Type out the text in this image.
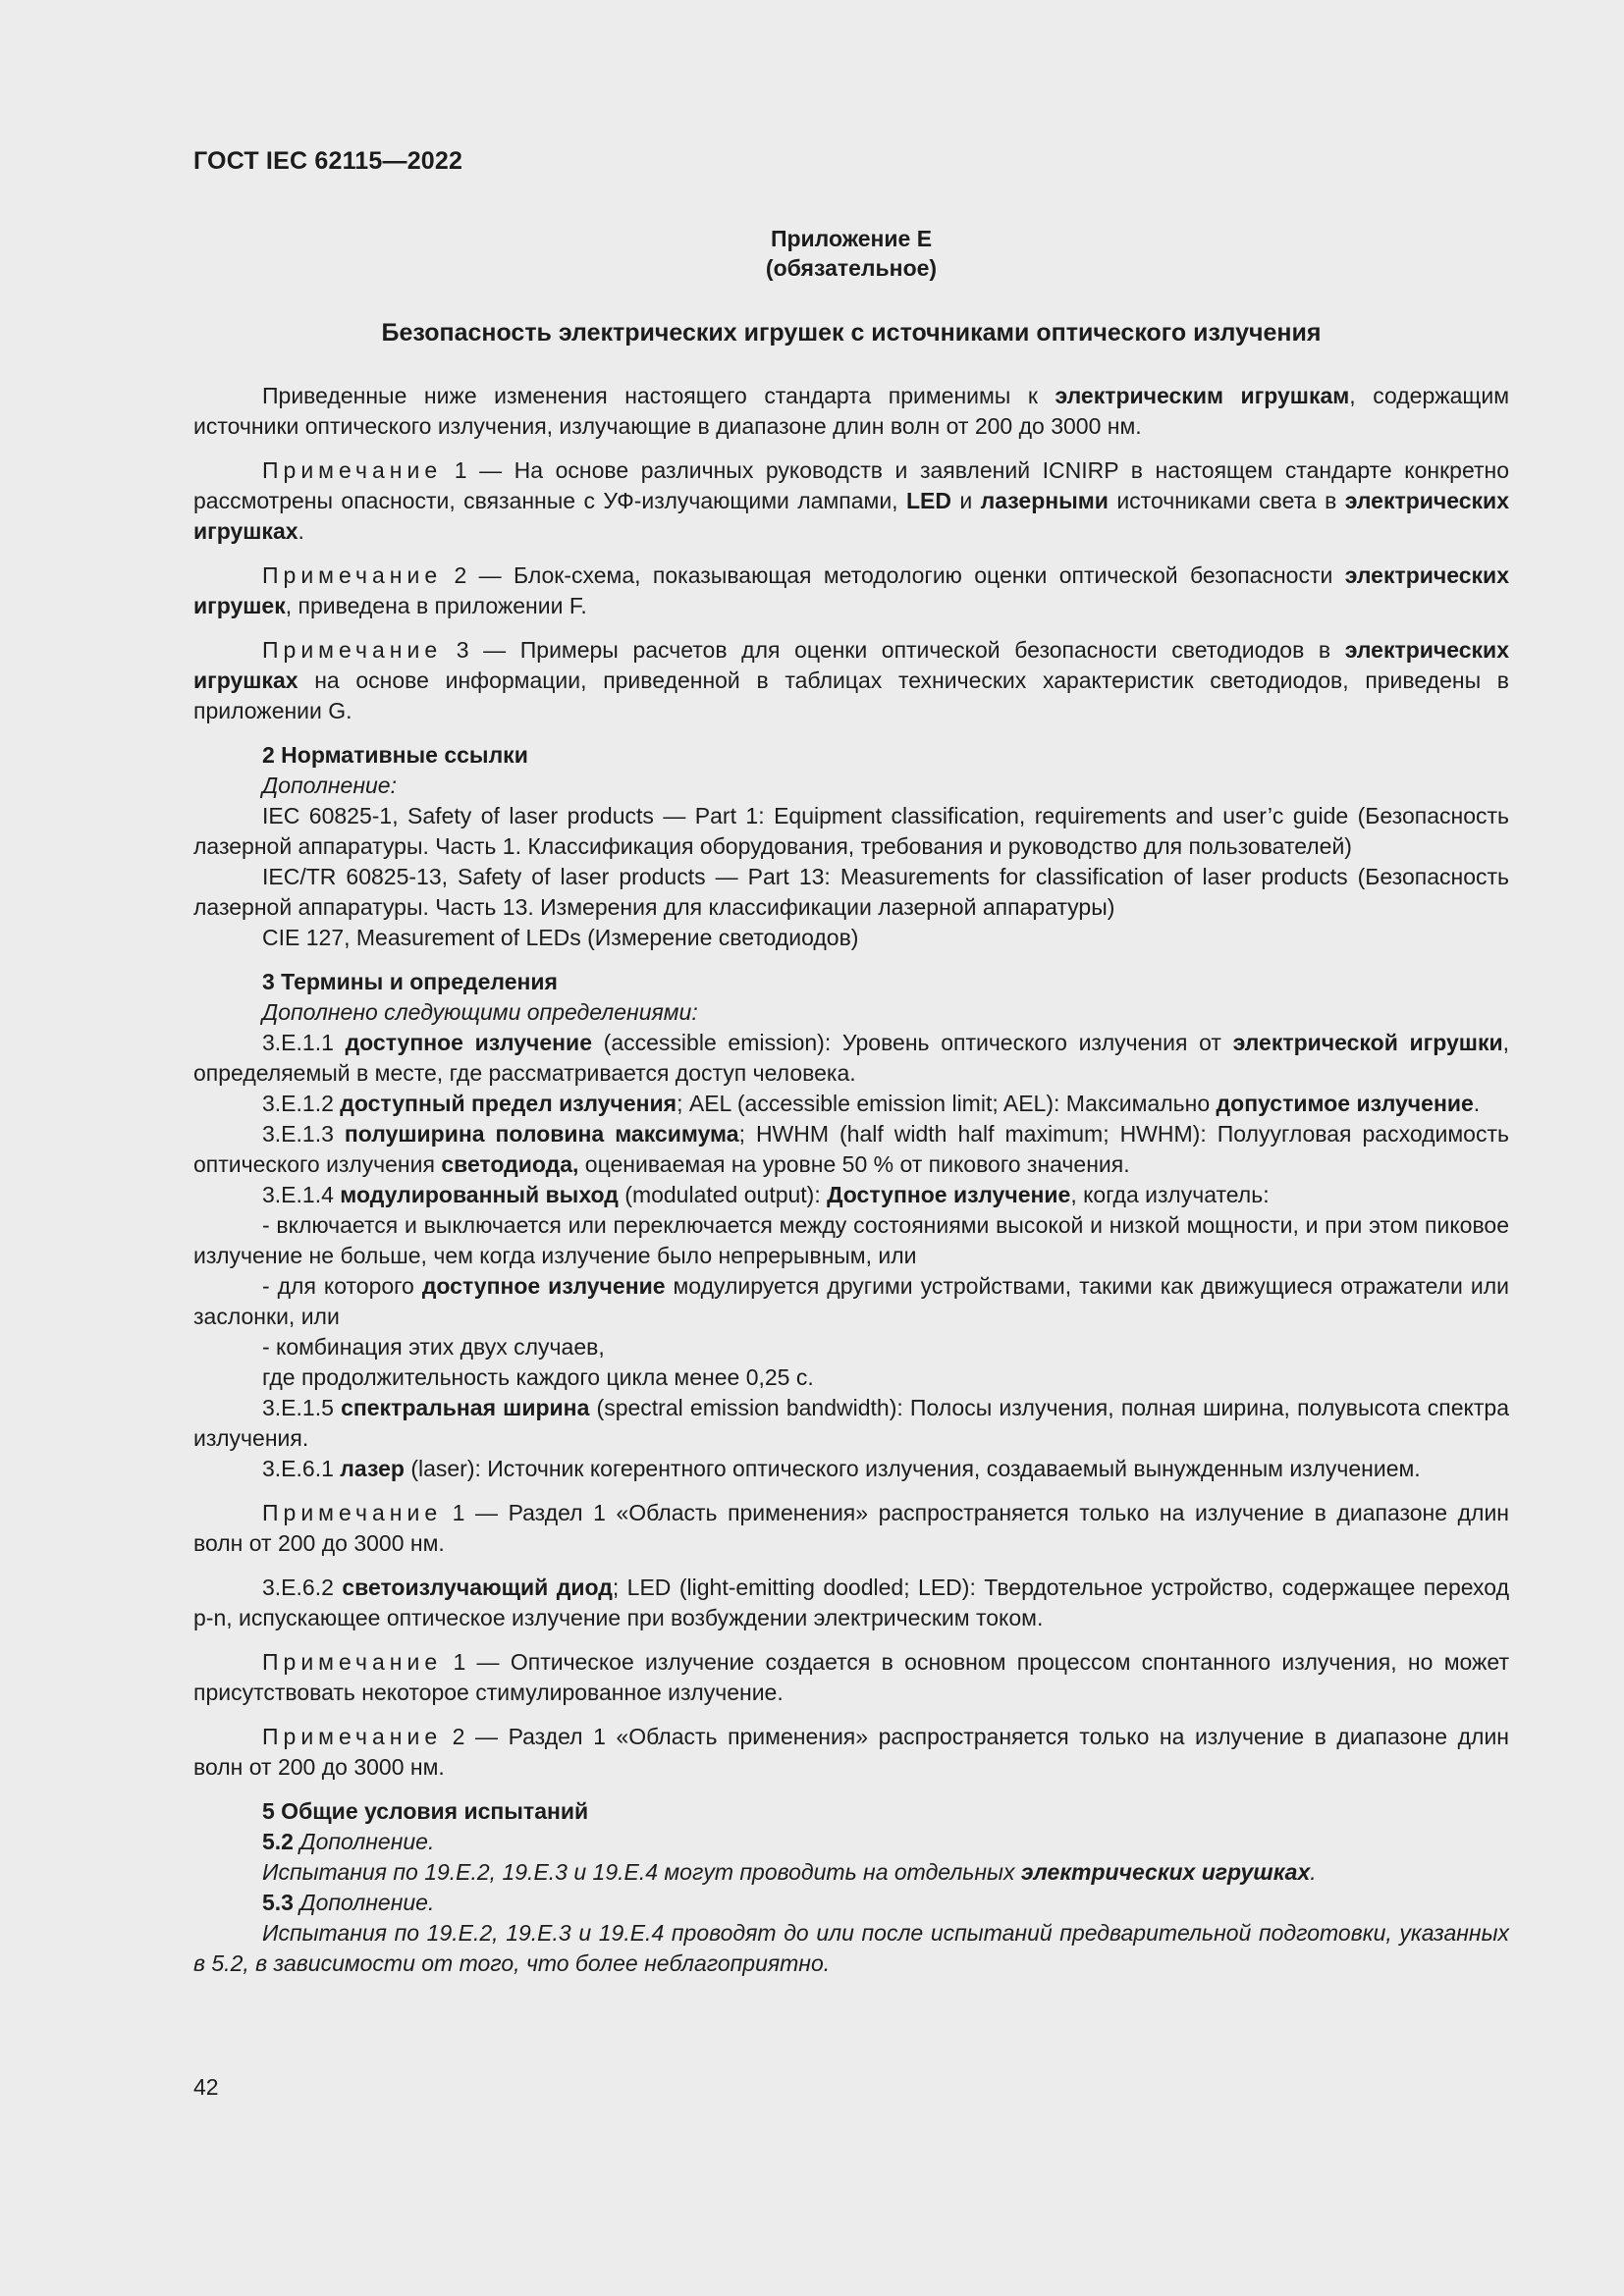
ГОСТ IEC 62115—2022
Приложение E
(обязательное)
Безопасность электрических игрушек с источниками оптического излучения

Приведенные ниже изменения настоящего стандарта применимы к электрическим игрушкам, содержащим источники оптического излучения, излучающие в диапазоне длин волн от 200 до 3000 нм.

Примечание 1 — На основе различных руководств и заявлений ICNIRP в настоящем стандарте конкретно рассмотрены опасности, связанные с УФ-излучающими лампами, LED и лазерными источниками света в электрических игрушках.

Примечание 2 — Блок-схема, показывающая методологию оценки оптической безопасности электрических игрушек, приведена в приложении F.

Примечание 3 — Примеры расчетов для оценки оптической безопасности светодиодов в электрических игрушках на основе информации, приведенной в таблицах технических характеристик светодиодов, приведены в приложении G.

2 Нормативные ссылки

Дополнение:

IEC 60825-1, Safety of laser products — Part 1: Equipment classification, requirements and user’c guide (Безопасность лазерной аппаратуры. Часть 1. Классификация оборудования, требования и руководство для пользователей)

IEC/TR 60825-13, Safety of laser products — Part 13: Measurements for classification of laser products (Безопасность лазерной аппаратуры. Часть 13. Измерения для классификации лазерной аппаратуры)

CIE 127, Measurement of LEDs (Измерение светодиодов)

3 Термины и определения

Дополнено следующими определениями:

3.E.1.1 доступное излучение (accessible emission): Уровень оптического излучения от электрической игрушки, определяемый в месте, где рассматривается доступ человека.

3.E.1.2 доступный предел излучения; AEL (accessible emission limit; AEL): Максимально допустимое излучение.

3.E.1.3 полуширина половина максимума; HWHM (half width half maximum; HWHM): Полуугловая расходимость оптического излучения светодиода, оцениваемая на уровне 50 % от пикового значения.

3.E.1.4 модулированный выход (modulated output): Доступное излучение, когда излучатель:

- включается и выключается или переключается между состояниями высокой и низкой мощности, и при этом пиковое излучение не больше, чем когда излучение было непрерывным, или

- для которого доступное излучение модулируется другими устройствами, такими как движущиеся отражатели или заслонки, или

- комбинация этих двух случаев,

где продолжительность каждого цикла менее 0,25 с.

3.E.1.5 спектральная ширина (spectral emission bandwidth): Полосы излучения, полная ширина, полувысота спектра излучения.

3.E.6.1 лазер (laser): Источник когерентного оптического излучения, создаваемый вынужденным излучением.

Примечание 1 — Раздел 1 «Область применения» распространяется только на излучение в диапазоне длин волн от 200 до 3000 нм.

3.E.6.2 светоизлучающий диод; LED (light-emitting doodled; LED): Твердотельное устройство, содержащее переход p-n, испускающее оптическое излучение при возбуждении электрическим током.

Примечание 1 — Оптическое излучение создается в основном процессом спонтанного излучения, но может присутствовать некоторое стимулированное излучение.

Примечание 2 — Раздел 1 «Область применения» распространяется только на излучение в диапазоне длин волн от 200 до 3000 нм.

5 Общие условия испытаний

5.2 Дополнение.

Испытания по 19.E.2, 19.E.3 и 19.E.4 могут проводить на отдельных электрических игрушках.

5.3 Дополнение.

Испытания по 19.E.2, 19.E.3 и 19.E.4 проводят до или после испытаний предварительной подготовки, указанных в 5.2, в зависимости от того, что более неблагоприятно.

42
